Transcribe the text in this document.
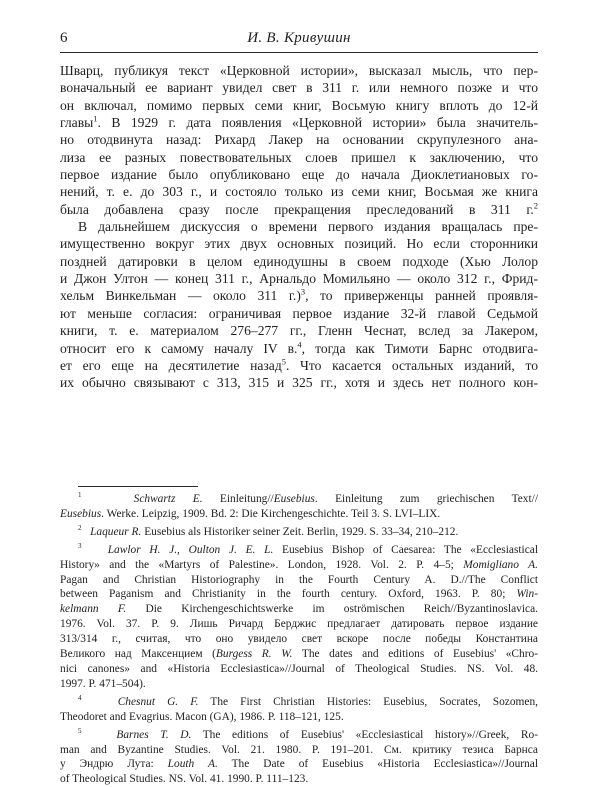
6	И. В. Кривушин
Шварц, публикуя текст «Церковной истории», высказал мысль, что пер-
воначальный ее вариант увидел свет в 311 г. или немного позже и что
он включал, помимо первых семи книг, Восьмую книгу вплоть до 12-й
главы$^1$. В 1929 г. дата появления «Церковной истории» была значитель-
но отодвинута назад: Рихард Лакер на основании скрупулезного ана-
лиза ее разных повествовательных слоев пришел к заключению, что
первое издание было опубликовано еще до начала Диоклетиановых го-
нений, т. е. до 303 г., и состояло только из семи книг, Восьмая же книга
была добавлена сразу после прекращения преследований в 311 г.$^2$
В дальнейшем дискуссия о времени первого издания вращалась пре-
имущественно вокруг этих двух основных позиций. Но если сторонники
поздней датировки в целом единодушны в своем подходе (Хью Лолор
и Джон Ултон — конец 311 г., Арнальдо Момильяно — около 312 г., Фрид-
хельм Винкельман — около 311 г.)$^3$, то приверженцы ранней проявля-
ют меньше согласия: ограничивая первое издание 32-й главой Седьмой
книги, т. е. материалом 276–277 гг., Гленн Чеснат, вслед за Лакером,
относит его к самому началу IV в.$^4$, тогда как Тимоти Барнс отодвига-
ет его еще на десятилетие назад$^5$. Что касается остальных изданий, то
их обычно связывают с 313, 315 и 325 гг., хотя и здесь нет полного кон-
$^1$	Schwartz E. Einleitung//Eusebius. Einleitung zum griechischen Text//
Eusebius. Werke. Leipzig, 1909. Bd. 2: Die Kirchengeschichte. Teil 3. S. LVI–LIX.
$^2$ Laqueur R. Eusebius als Historiker seiner Zeit. Berlin, 1929. S. 33–34, 210–212.
$^3$ Lawlor H. J., Oulton J. E. L. Eusebius Bishop of Caesarea: The «Ecclesiastical
History» and the «Martyrs of Palestine». London, 1928. Vol. 2. P. 4–5; Momigliano A.
Pagan and Christian Historiography in the Fourth Century A. D.//The Conflict
between Paganism and Christianity in the fourth century. Oxford, 1963. P. 80; Win-
kelmann F. Die Kirchengeschichtswerke im oströmischen Reich//Byzantinoslavica.
1976. Vol. 37. P. 9. Лишь Ричард Берджис предлагает датировать первое издание
313/314 г., считая, что оно увидело свет вскоре после победы Константина
Великого над Максенцием (Burgess R. W. The dates and editions of Eusebius' «Chro-
nici canones» and «Historia Ecclesiastica»//Journal of Theological Studies. NS. Vol. 48.
1997. P. 471–504).
$^4$	Chesnut G. F. The First Christian Histories: Eusebius, Socrates, Sozomen,
Theodoret and Evagrius. Macon (GA), 1986. P. 118–121, 125.
$^5$	Barnes T. D. The editions of Eusebius' «Ecclesiastical history»//Greek, Ro-
man and Byzantine Studies. Vol. 21. 1980. P. 191–201. См. критику тезиса Барнса
у Эндрю Лута: Louth A. The Date of Eusebius «Historia Ecclesiastica»//Journal
of Theological Studies. NS. Vol. 41. 1990. P. 111–123.
